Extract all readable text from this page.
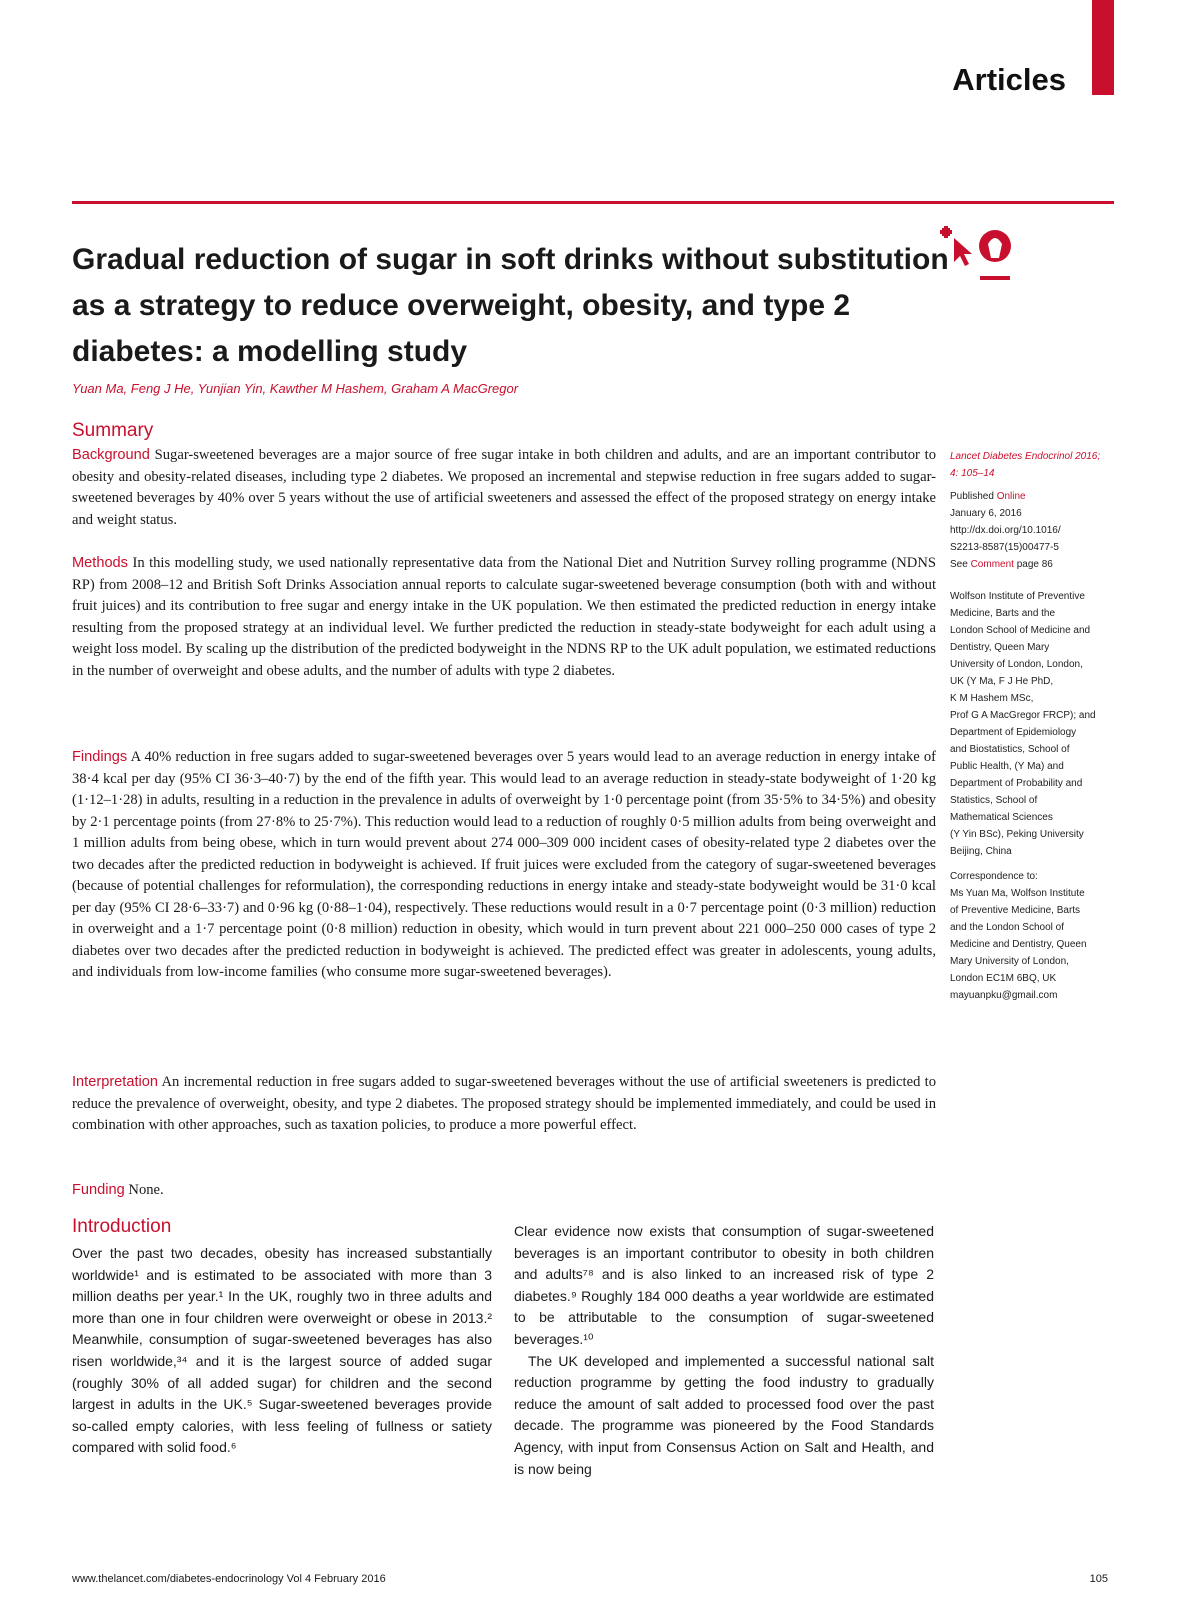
Articles
Gradual reduction of sugar in soft drinks without substitution as a strategy to reduce overweight, obesity, and type 2 diabetes: a modelling study
Yuan Ma, Feng J He, Yunjian Yin, Kawther M Hashem, Graham A MacGregor
Summary

Background Sugar-sweetened beverages are a major source of free sugar intake in both children and adults, and are an important contributor to obesity and obesity-related diseases, including type 2 diabetes. We proposed an incremental and stepwise reduction in free sugars added to sugar-sweetened beverages by 40% over 5 years without the use of artificial sweeteners and assessed the effect of the proposed strategy on energy intake and weight status.

Methods In this modelling study, we used nationally representative data from the National Diet and Nutrition Survey rolling programme (NDNS RP) from 2008–12 and British Soft Drinks Association annual reports to calculate sugar-sweetened beverage consumption (both with and without fruit juices) and its contribution to free sugar and energy intake in the UK population. We then estimated the predicted reduction in energy intake resulting from the proposed strategy at an individual level. We further predicted the reduction in steady-state bodyweight for each adult using a weight loss model. By scaling up the distribution of the predicted bodyweight in the NDNS RP to the UK adult population, we estimated reductions in the number of overweight and obese adults, and the number of adults with type 2 diabetes.

Findings A 40% reduction in free sugars added to sugar-sweetened beverages over 5 years would lead to an average reduction in energy intake of 38·4 kcal per day (95% CI 36·3–40·7) by the end of the fifth year. This would lead to an average reduction in steady-state bodyweight of 1·20 kg (1·12–1·28) in adults, resulting in a reduction in the prevalence in adults of overweight by 1·0 percentage point (from 35·5% to 34·5%) and obesity by 2·1 percentage points (from 27·8% to 25·7%). This reduction would lead to a reduction of roughly 0·5 million adults from being overweight and 1 million adults from being obese, which in turn would prevent about 274 000–309 000 incident cases of obesity-related type 2 diabetes over the two decades after the predicted reduction in bodyweight is achieved. If fruit juices were excluded from the category of sugar-sweetened beverages (because of potential challenges for reformulation), the corresponding reductions in energy intake and steady-state bodyweight would be 31·0 kcal per day (95% CI 28·6–33·7) and 0·96 kg (0·88–1·04), respectively. These reductions would result in a 0·7 percentage point (0·3 million) reduction in overweight and a 1·7 percentage point (0·8 million) reduction in obesity, which would in turn prevent about 221 000–250 000 cases of type 2 diabetes over two decades after the predicted reduction in bodyweight is achieved. The predicted effect was greater in adolescents, young adults, and individuals from low-income families (who consume more sugar-sweetened beverages).

Interpretation An incremental reduction in free sugars added to sugar-sweetened beverages without the use of artificial sweeteners is predicted to reduce the prevalence of overweight, obesity, and type 2 diabetes. The proposed strategy should be implemented immediately, and could be used in combination with other approaches, such as taxation policies, to produce a more powerful effect.

Funding None.

Lancet Diabetes Endocrinol 2016;

4: 105–14

Published Online

January 6, 2016

http://dx.doi.org/10.1016/

S2213-8587(15)00477-5

See Comment page 86

Wolfson Institute of Preventive

Medicine, Barts and the

London School of Medicine and

Dentistry, Queen Mary

University of London, London,

UK (Y Ma, F J He PhD,

K M Hashem MSc,

Prof G A MacGregor FRCP); and

Department of Epidemiology

and Biostatistics, School of

Public Health, (Y Ma) and

Department of Probability and

Statistics, School of

Mathematical Sciences

(Y Yin BSc), Peking University

Beijing, China

Correspondence to:

Ms Yuan Ma, Wolfson Institute

of Preventive Medicine, Barts

and the London School of

Medicine and Dentistry, Queen

Mary University of London,

London EC1M 6BQ, UK

mayuanpku@gmail.com

Introduction

Over the past two decades, obesity has increased substantially worldwide¹ and is estimated to be associated with more than 3 million deaths per year.¹ In the UK, roughly two in three adults and more than one in four children were overweight or obese in 2013.² Meanwhile, consumption of sugar-sweetened beverages has also risen worldwide,³⁴ and it is the largest source of added sugar (roughly 30% of all added sugar) for children and the second largest in adults in the UK.⁵ Sugar-sweetened beverages provide so-called empty calories, with less feeling of fullness or satiety compared with solid food.⁶

Clear evidence now exists that consumption of sugar-sweetened beverages is an important contributor to obesity in both children and adults⁷⁸ and is also linked to an increased risk of type 2 diabetes.⁹ Roughly 184 000 deaths a year worldwide are estimated to be attributable to the consumption of sugar-sweetened beverages.¹⁰

The UK developed and implemented a successful national salt reduction programme by getting the food industry to gradually reduce the amount of salt added to processed food over the past decade. The programme was pioneered by the Food Standards Agency, with input from Consensus Action on Salt and Health, and is now being

www.thelancet.com/diabetes-endocrinology Vol 4 February 2016	105
